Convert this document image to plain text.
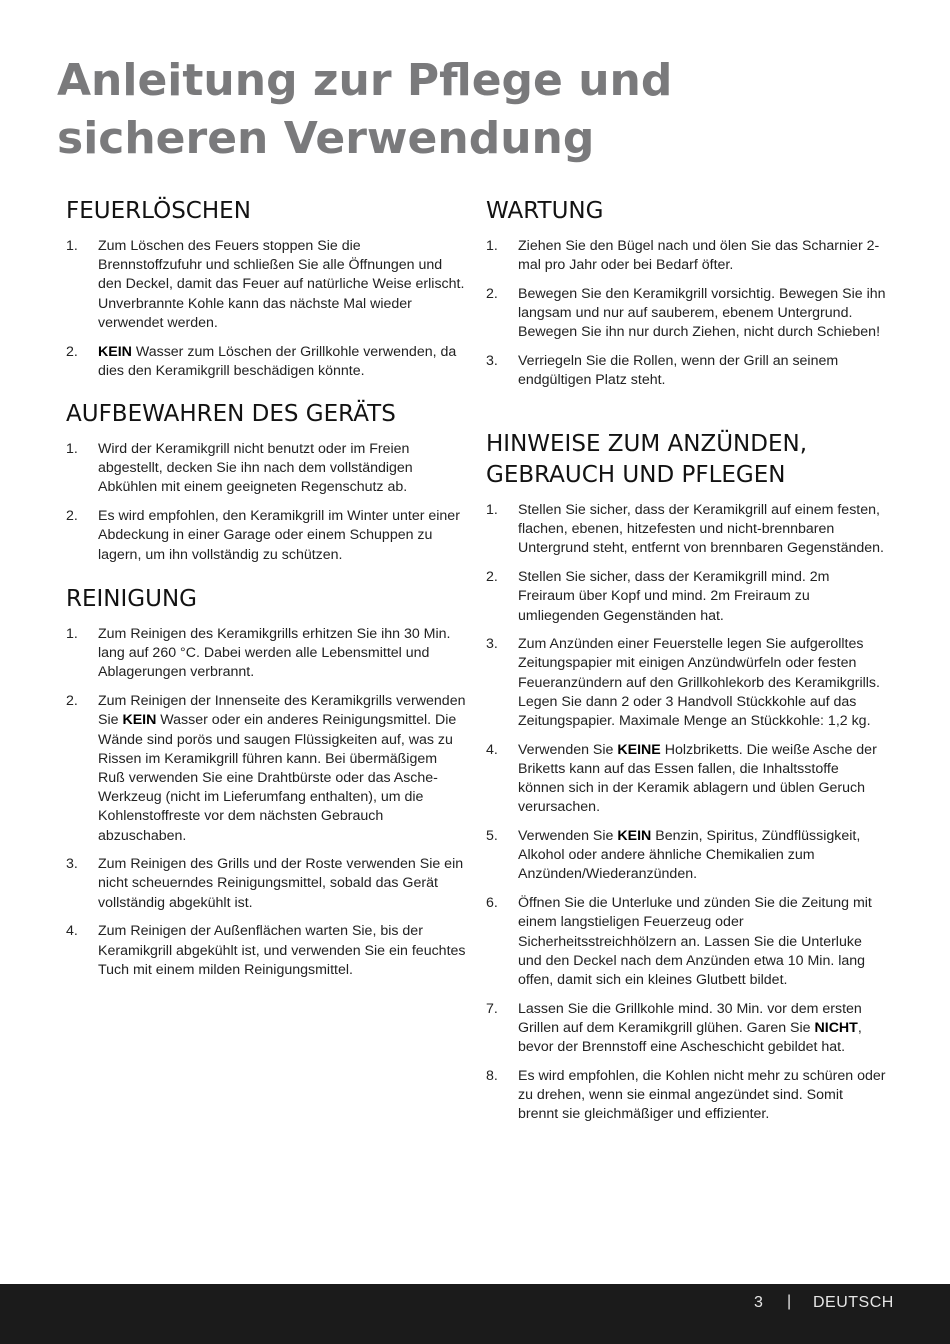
Anleitung zur Pflege und sicheren Verwendung
FEUERLÖSCHEN
1. Zum Löschen des Feuers stoppen Sie die Brennstoffzufuhr und schließen Sie alle Öffnungen und den Deckel, damit das Feuer auf natürliche Weise erlischt. Unverbrannte Kohle kann das nächste Mal wieder verwendet werden.
2. KEIN Wasser zum Löschen der Grillkohle verwenden, da dies den Keramikgrill beschädigen könnte.
AUFBEWAHREN DES GERÄTS
1. Wird der Keramikgrill nicht benutzt oder im Freien abgestellt, decken Sie ihn nach dem vollständigen Abkühlen mit einem geeigneten Regenschutz ab.
2. Es wird empfohlen, den Keramikgrill im Winter unter einer Abdeckung in einer Garage oder einem Schuppen zu lagern, um ihn vollständig zu schützen.
REINIGUNG
1. Zum Reinigen des Keramikgrills erhitzen Sie ihn 30 Min. lang auf 260 °C. Dabei werden alle Lebensmittel und Ablagerungen verbrannt.
2. Zum Reinigen der Innenseite des Keramikgrills verwenden Sie KEIN Wasser oder ein anderes Reinigungsmittel. Die Wände sind porös und saugen Flüssigkeiten auf, was zu Rissen im Keramikgrill führen kann. Bei übermäßigem Ruß verwenden Sie eine Drahtbürste oder das Asche-Werkzeug (nicht im Lieferumfang enthalten), um die Kohlenstoffreste vor dem nächsten Gebrauch abzuschaben.
3. Zum Reinigen des Grills und der Roste verwenden Sie ein nicht scheuerndes Reinigungsmittel, sobald das Gerät vollständig abgekühlt ist.
4. Zum Reinigen der Außenflächen warten Sie, bis der Keramikgrill abgekühlt ist, und verwenden Sie ein feuchtes Tuch mit einem milden Reinigungsmittel.
WARTUNG
1. Ziehen Sie den Bügel nach und ölen Sie das Scharnier 2-mal pro Jahr oder bei Bedarf öfter.
2. Bewegen Sie den Keramikgrill vorsichtig. Bewegen Sie ihn langsam und nur auf sauberem, ebenem Untergrund. Bewegen Sie ihn nur durch Ziehen, nicht durch Schieben!
3. Verriegeln Sie die Rollen, wenn der Grill an seinem endgültigen Platz steht.
HINWEISE ZUM ANZÜNDEN, GEBRAUCH UND PFLEGEN
1. Stellen Sie sicher, dass der Keramikgrill auf einem festen, flachen, ebenen, hitzefesten und nicht-brennbaren Untergrund steht, entfernt von brennbaren Gegenständen.
2. Stellen Sie sicher, dass der Keramikgrill mind. 2m Freiraum über Kopf und mind. 2m Freiraum zu umliegenden Gegenständen hat.
3. Zum Anzünden einer Feuerstelle legen Sie aufgerolltes Zeitungspapier mit einigen Anzündwürfeln oder festen Feueranzündern auf den Grillkohlekorb des Keramikgrills. Legen Sie dann 2 oder 3 Handvoll Stückkohle auf das Zeitungspapier. Maximale Menge an Stückkohle: 1,2 kg.
4. Verwenden Sie KEINE Holzbriketts. Die weiße Asche der Briketts kann auf das Essen fallen, die Inhaltsstoffe können sich in der Keramik ablagern und üblen Geruch verursachen.
5. Verwenden Sie KEIN Benzin, Spiritus, Zündflüssigkeit, Alkohol oder andere ähnliche Chemikalien zum Anzünden/Wiederanzünden.
6. Öffnen Sie die Unterluke und zünden Sie die Zeitung mit einem langstieligen Feuerzeug oder Sicherheitsstreichhölzern an. Lassen Sie die Unterluke und den Deckel nach dem Anzünden etwa 10 Min. lang offen, damit sich ein kleines Glutbett bildet.
7. Lassen Sie die Grillkohle mind. 30 Min. vor dem ersten Grillen auf dem Keramikgrill glühen. Garen Sie NICHT, bevor der Brennstoff eine Ascheschicht gebildet hat.
8. Es wird empfohlen, die Kohlen nicht mehr zu schüren oder zu drehen, wenn sie einmal angezündet sind. Somit brennt sie gleichmäßiger und effizienter.
3 | DEUTSCH
